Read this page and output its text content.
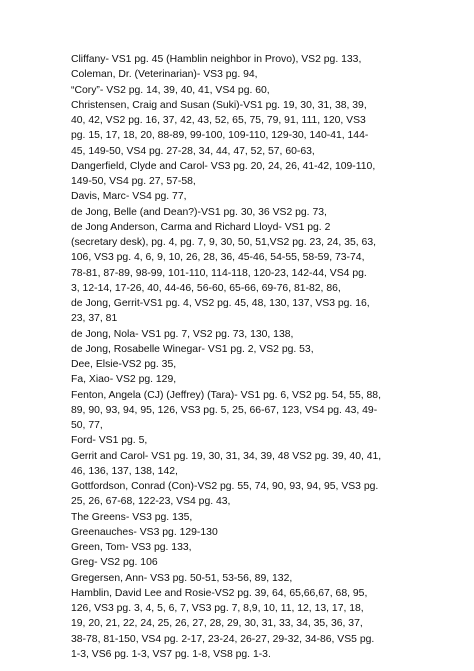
Cliffany- VS1 pg. 45 (Hamblin neighbor in Provo), VS2 pg. 133,
Coleman, Dr. (Veterinarian)- VS3 pg. 94,
“Cory”- VS2 pg. 14, 39, 40, 41, VS4 pg. 60,
Christensen, Craig and Susan (Suki)-VS1 pg. 19, 30, 31, 38, 39,
40, 42, VS2 pg. 16, 37, 42, 43, 52, 65, 75, 79, 91, 111, 120, VS3
pg. 15, 17, 18, 20, 88-89, 99-100, 109-110, 129-30, 140-41, 144-
45, 149-50, VS4 pg. 27-28, 34, 44, 47, 52, 57, 60-63,
Dangerfield, Clyde and Carol- VS3 pg. 20, 24, 26, 41-42, 109-110,
149-50, VS4 pg. 27, 57-58,
Davis, Marc- VS4 pg. 77,
de Jong, Belle (and Dean?)-VS1 pg. 30, 36 VS2 pg. 73,
de Jong Anderson, Carma and Richard Lloyd- VS1 pg. 2
(secretary desk), pg. 4, pg. 7, 9, 30, 50, 51,VS2 pg. 23, 24, 35, 63,
106, VS3 pg. 4, 6, 9, 10, 26, 28, 36, 45-46, 54-55, 58-59, 73-74,
78-81, 87-89, 98-99, 101-110, 114-118, 120-23, 142-44, VS4 pg.
3, 12-14, 17-26, 40, 44-46, 56-60, 65-66, 69-76, 81-82, 86,
de Jong, Gerrit-VS1 pg. 4, VS2 pg. 45, 48, 130, 137, VS3 pg. 16,
23, 37, 81
de Jong, Nola- VS1 pg. 7, VS2 pg. 73, 130, 138,
de Jong, Rosabelle Winegar- VS1 pg. 2, VS2 pg. 53,
Dee, Elsie-VS2 pg. 35,
Fa, Xiao- VS2 pg. 129,
Fenton, Angela (CJ) (Jeffrey) (Tara)- VS1 pg. 6, VS2 pg. 54, 55, 88,
89, 90, 93, 94, 95, 126, VS3 pg. 5, 25, 66-67, 123, VS4 pg. 43, 49-
50, 77,
Ford- VS1 pg. 5,
Gerrit and Carol- VS1 pg. 19, 30, 31, 34, 39, 48 VS2 pg. 39, 40, 41,
46, 136, 137, 138, 142,
Gottfordson, Conrad (Con)-VS2 pg. 55, 74, 90, 93, 94, 95, VS3 pg.
25, 26, 67-68, 122-23, VS4 pg. 43,
The Greens- VS3 pg. 135,
Greenauches- VS3 pg. 129-130
Green, Tom- VS3 pg. 133,
Greg- VS2 pg. 106
Gregersen, Ann- VS3 pg. 50-51, 53-56, 89, 132,
Hamblin, David Lee and Rosie-VS2 pg. 39, 64, 65,66,67, 68, 95,
126, VS3 pg. 3, 4, 5, 6, 7, VS3 pg. 7, 8,9, 10, 11, 12, 13, 17, 18,
19, 20, 21, 22, 24, 25, 26, 27, 28, 29, 30, 31, 33, 34, 35, 36, 37,
38-78, 81-150, VS4 pg. 2-17, 23-24, 26-27, 29-32, 34-86, VS5 pg.
1-3, VS6 pg. 1-3, VS7 pg. 1-8, VS8 pg. 1-3.
